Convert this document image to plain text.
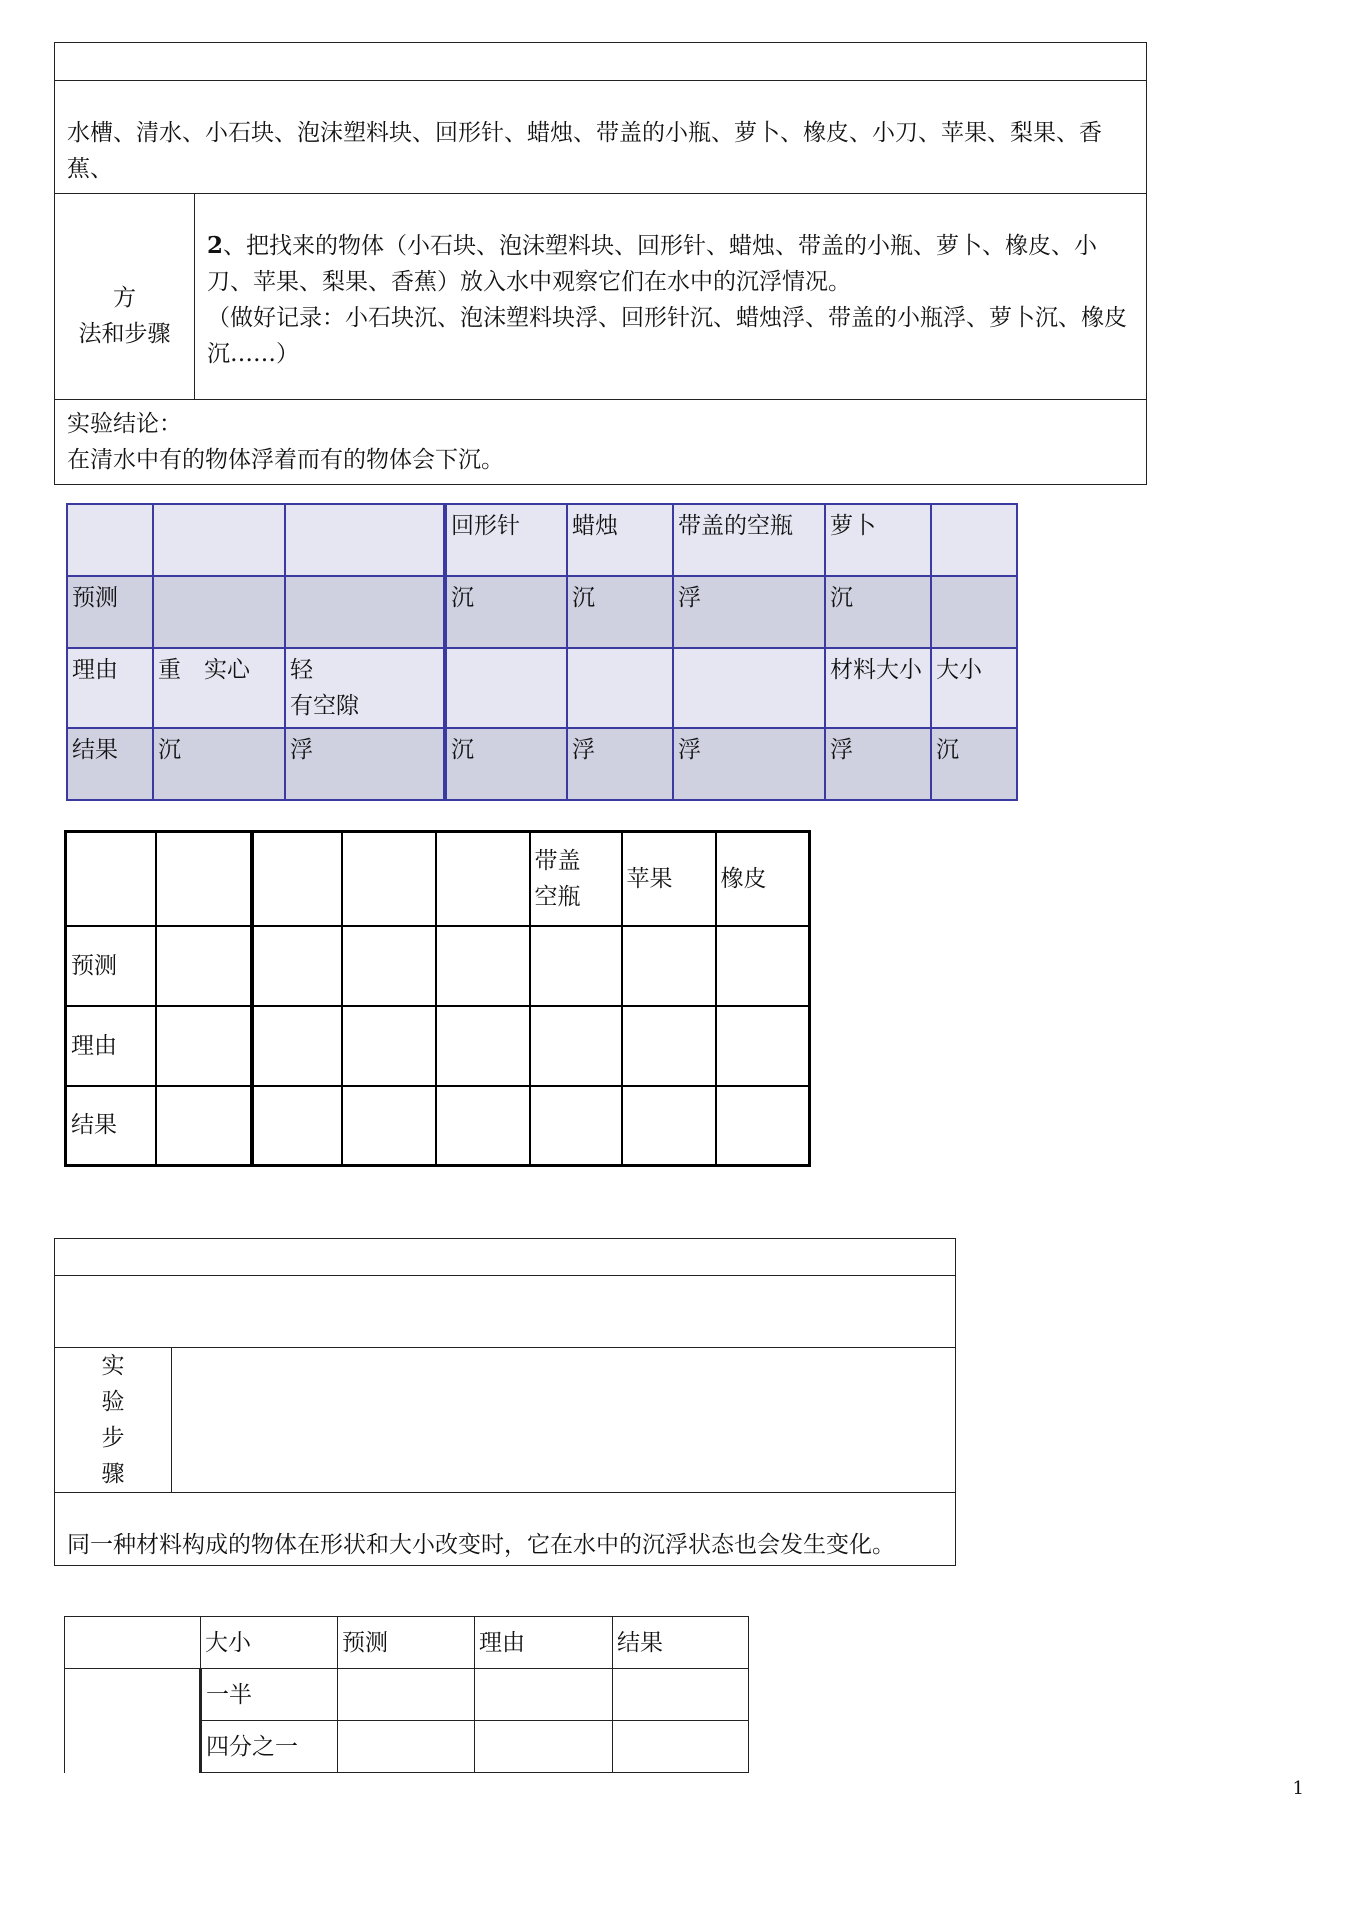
水槽、清水、小石块、泡沫塑料块、回形针、蜡烛、带盖的小瓶、萝卜、橡皮、小刀、苹果、梨果、香蕉、

方
法和步骤

2、把找来的物体（小石块、泡沫塑料块、回形针、蜡烛、带盖的小瓶、萝卜、橡皮、小刀、苹果、梨果、香蕉）放入水中观察它们在水中的沉浮情况。
（做好记录：小石块沉、泡沫塑料块浮、回形针沉、蜡烛浮、带盖的小瓶浮、萝卜沉、橡皮沉……）

实验结论：
在清水中有的物体浮着而有的物体会下沉。
			回形针	蜡烛	带盖的空瓶	萝卜	
预测			沉	沉	浮	沉	
理由	重　实心	轻
有空隙				材料大小	大小
结果	沉	浮	沉	浮	浮	浮	沉
					带盖
空瓶	苹果	橡皮
预测							
理由							
结果							

实
验
步
骤

同一种材料构成的物体在形状和大小改变时，它在水中的沉浮状态也会发生变化。
	大小	预测	理由	结果
	一半			
	四分之一			
1
